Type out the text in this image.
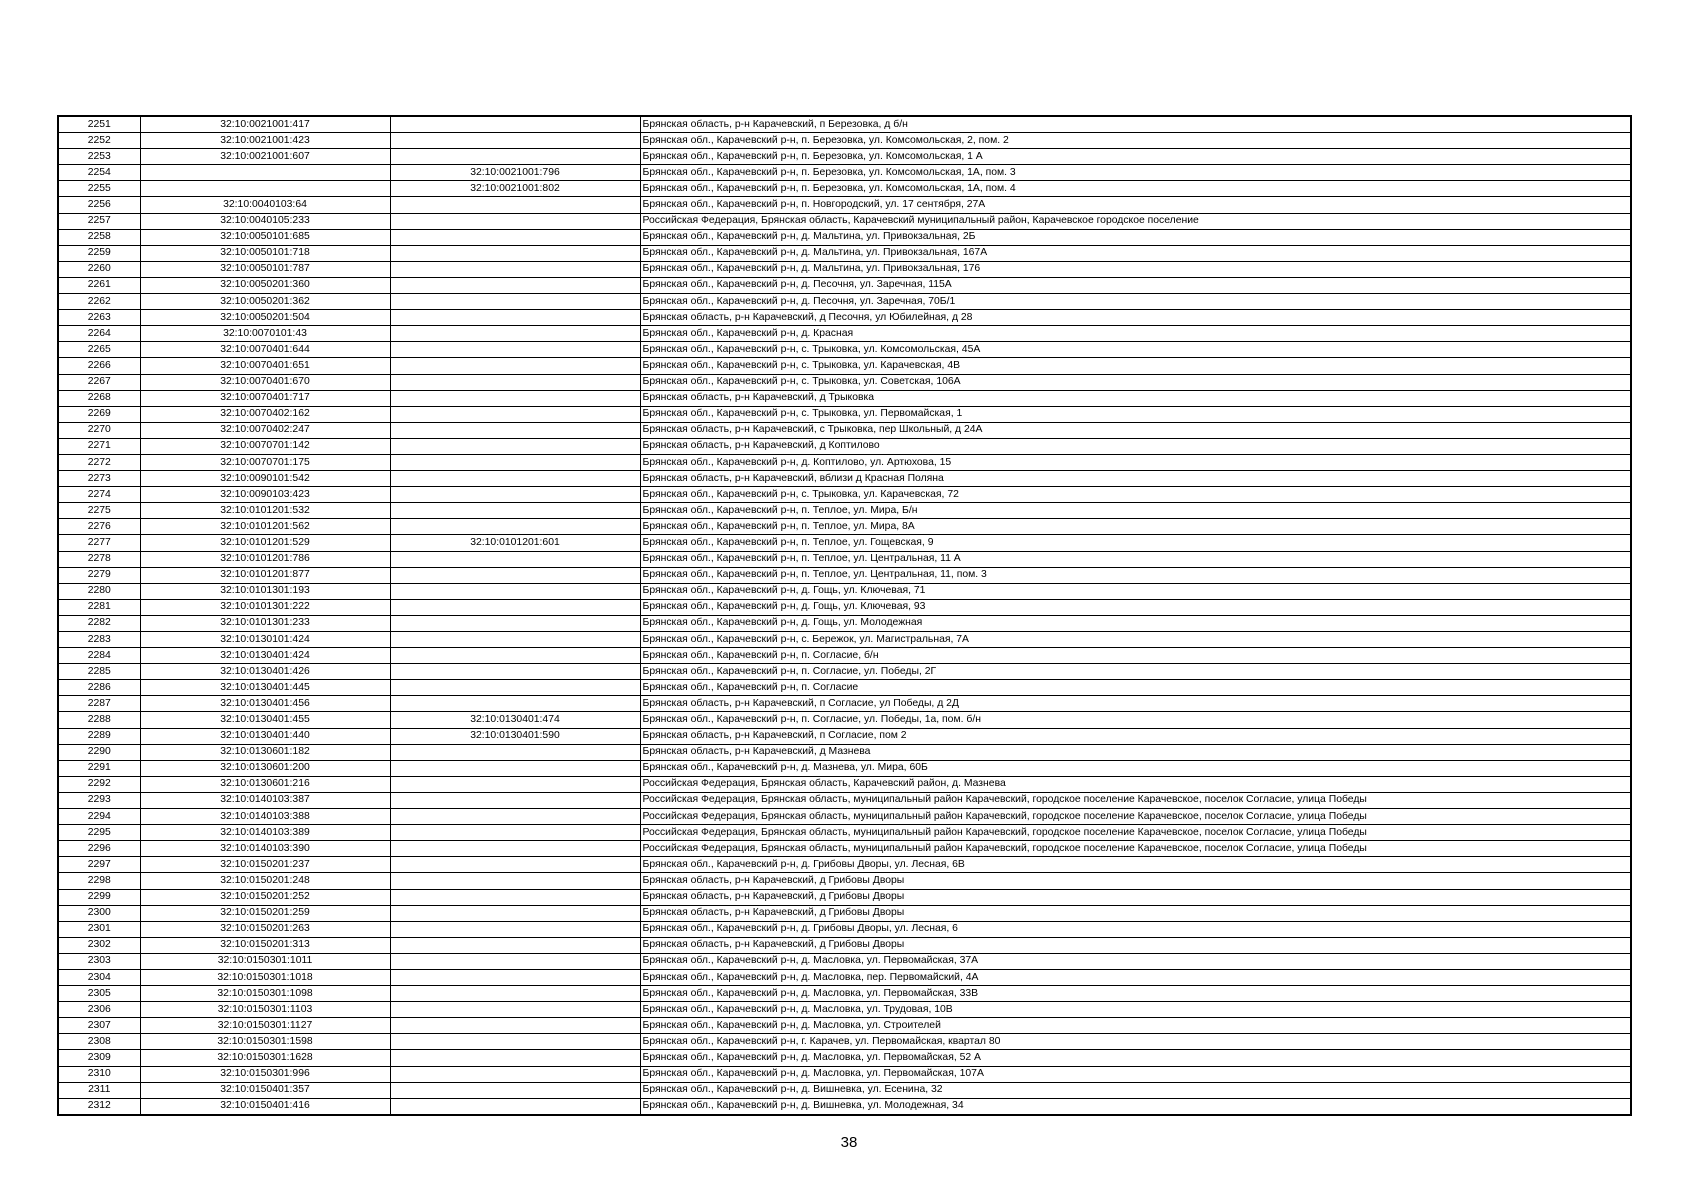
2251	32:10:0021001:417		Брянская область, р-н Карачевский, п Березовка, д б/н
2252	32:10:0021001:423		Брянская обл., Карачевский р-н, п. Березовка, ул. Комсомольская, 2, пом. 2
2253	32:10:0021001:607		Брянская обл., Карачевский р-н, п. Березовка, ул. Комсомольская, 1 А
2254		32:10:0021001:796	Брянская обл., Карачевский р-н, п. Березовка, ул. Комсомольская, 1А, пом. 3
2255		32:10:0021001:802	Брянская обл., Карачевский р-н, п. Березовка, ул. Комсомольская, 1А, пом. 4
2256	32:10:0040103:64		Брянская обл., Карачевский р-н, п. Новгородский, ул. 17 сентября, 27А
2257	32:10:0040105:233		Российская Федерация, Брянская область, Карачевский муниципальный район, Карачевское городское поселение
2258	32:10:0050101:685		Брянская обл., Карачевский р-н, д. Мальтина, ул. Привокзальная, 2Б
2259	32:10:0050101:718		Брянская обл., Карачевский р-н, д. Мальтина, ул. Привокзальная, 167А
2260	32:10:0050101:787		Брянская обл., Карачевский р-н, д. Мальтина, ул. Привокзальная, 176
2261	32:10:0050201:360		Брянская обл., Карачевский р-н, д. Песочня, ул. Заречная, 115А
2262	32:10:0050201:362		Брянская обл., Карачевский р-н, д. Песочня, ул. Заречная, 70Б/1
2263	32:10:0050201:504		Брянская область, р-н Карачевский, д Песочня, ул Юбилейная, д 28
2264	32:10:0070101:43		Брянская обл., Карачевский р-н, д. Красная
2265	32:10:0070401:644		Брянская обл., Карачевский р-н, с. Трыковка, ул. Комсомольская, 45А
2266	32:10:0070401:651		Брянская обл., Карачевский р-н, с. Трыковка, ул. Карачевская, 4В
2267	32:10:0070401:670		Брянская обл., Карачевский р-н, с. Трыковка, ул. Советская, 106А
2268	32:10:0070401:717		Брянская область, р-н Карачевский, д Трыковка
2269	32:10:0070402:162		Брянская обл., Карачевский р-н, с. Трыковка, ул. Первомайская, 1
2270	32:10:0070402:247		Брянская область, р-н Карачевский, с Трыковка, пер Школьный, д 24А
2271	32:10:0070701:142		Брянская область, р-н Карачевский, д Коптилово
2272	32:10:0070701:175		Брянская обл., Карачевский р-н, д. Коптилово, ул. Артюхова, 15
2273	32:10:0090101:542		Брянская область, р-н Карачевский, вблизи д Красная Поляна
2274	32:10:0090103:423		Брянская обл., Карачевский р-н, с. Трыковка, ул. Карачевская, 72
2275	32:10:0101201:532		Брянская обл., Карачевский р-н, п. Теплое, ул. Мира, Б/н
2276	32:10:0101201:562		Брянская обл., Карачевский р-н, п. Теплое, ул. Мира, 8А
2277	32:10:0101201:529	32:10:0101201:601	Брянская обл., Карачевский р-н, п. Теплое, ул. Гощевская, 9
2278	32:10:0101201:786		Брянская обл., Карачевский р-н, п. Теплое, ул. Центральная, 11 А
2279	32:10:0101201:877		Брянская обл., Карачевский р-н, п. Теплое, ул. Центральная, 11, пом. 3
2280	32:10:0101301:193		Брянская обл., Карачевский р-н, д. Гощь, ул. Ключевая, 71
2281	32:10:0101301:222		Брянская обл., Карачевский р-н, д. Гощь, ул. Ключевая, 93
2282	32:10:0101301:233		Брянская обл., Карачевский р-н, д. Гощь, ул. Молодежная
2283	32:10:0130101:424		Брянская обл., Карачевский р-н, с. Бережок, ул. Магистральная, 7А
2284	32:10:0130401:424		Брянская обл., Карачевский р-н, п. Согласие, б/н
2285	32:10:0130401:426		Брянская обл., Карачевский р-н, п. Согласие, ул. Победы, 2Г
2286	32:10:0130401:445		Брянская обл., Карачевский р-н, п. Согласие
2287	32:10:0130401:456		Брянская область, р-н Карачевский, п Согласие, ул Победы, д 2Д
2288	32:10:0130401:455	32:10:0130401:474	Брянская обл., Карачевский р-н, п. Согласие, ул. Победы, 1а, пом. б/н
2289	32:10:0130401:440	32:10:0130401:590	Брянская область, р-н Карачевский, п Согласие, пом 2
2290	32:10:0130601:182		Брянская область, р-н Карачевский, д Мазнева
2291	32:10:0130601:200		Брянская обл., Карачевский р-н, д. Мазнева, ул. Мира, 60Б
2292	32:10:0130601:216		Российская Федерация, Брянская область, Карачевский район, д. Мазнева
2293	32:10:0140103:387		Российская Федерация, Брянская область, муниципальный район Карачевский, городское поселение Карачевское, поселок Согласие, улица Победы
2294	32:10:0140103:388		Российская Федерация, Брянская область, муниципальный район Карачевский, городское поселение Карачевское, поселок Согласие, улица Победы
2295	32:10:0140103:389		Российская Федерация, Брянская область, муниципальный район Карачевский, городское поселение Карачевское, поселок Согласие, улица Победы
2296	32:10:0140103:390		Российская Федерация, Брянская область, муниципальный район Карачевский, городское поселение Карачевское, поселок Согласие, улица Победы
2297	32:10:0150201:237		Брянская обл., Карачевский р-н, д. Грибовы Дворы, ул. Лесная, 6В
2298	32:10:0150201:248		Брянская область, р-н Карачевский, д Грибовы Дворы
2299	32:10:0150201:252		Брянская область, р-н Карачевский, д Грибовы Дворы
2300	32:10:0150201:259		Брянская область, р-н Карачевский, д Грибовы Дворы
2301	32:10:0150201:263		Брянская обл., Карачевский р-н, д. Грибовы Дворы, ул. Лесная, 6
2302	32:10:0150201:313		Брянская область, р-н Карачевский, д Грибовы Дворы
2303	32:10:0150301:1011		Брянская обл., Карачевский р-н, д. Масловка, ул. Первомайская, 37А
2304	32:10:0150301:1018		Брянская обл., Карачевский р-н, д. Масловка, пер. Первомайский, 4А
2305	32:10:0150301:1098		Брянская обл., Карачевский р-н, д. Масловка, ул. Первомайская, 33В
2306	32:10:0150301:1103		Брянская обл., Карачевский р-н, д. Масловка, ул. Трудовая, 10В
2307	32:10:0150301:1127		Брянская обл., Карачевский р-н, д. Масловка, ул. Строителей
2308	32:10:0150301:1598		Брянская обл., Карачевский р-н, г. Карачев, ул. Первомайская, квартал 80
2309	32:10:0150301:1628		Брянская обл., Карачевский р-н, д. Масловка, ул. Первомайская, 52 А
2310	32:10:0150301:996		Брянская обл., Карачевский р-н, д. Масловка, ул. Первомайская, 107А
2311	32:10:0150401:357		Брянская обл., Карачевский р-н, д. Вишневка, ул. Есенина, 32
2312	32:10:0150401:416		Брянская обл., Карачевский р-н, д. Вишневка, ул. Молодежная, 34
38
